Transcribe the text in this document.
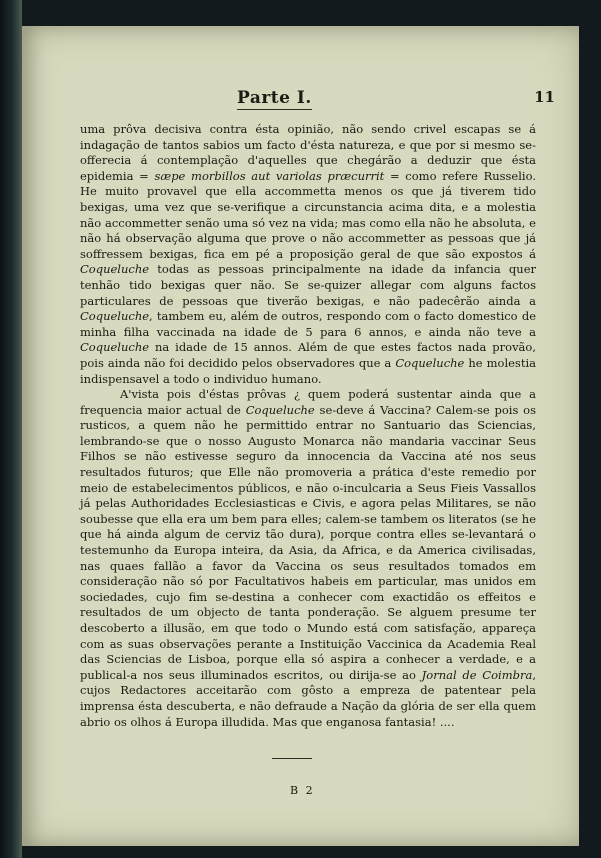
Parte I.	11

uma prôva decisiva contra ésta opinião, não sendo crivel escapas se á indagação de tantos sabios um facto d'ésta natureza, e que por si mesmo se-offerecia á contemplação d'aquelles que chegárão a deduzir que ésta epidemia = sæpe morbillos aut variolas præcurrit = como refere Russelio. He muito provavel que ella accommetta menos os que já tiverem tido bexigas, uma vez que se-verifique a circunstancia acima dita, e a molestia não accommetter senão uma só vez na vida; mas como ella não he absoluta, e não há observação alguma que prove o não accommetter as pessoas que já soffressem bexigas, fica em pé a proposição geral de que são expostos á Coqueluche todas as pessoas principalmente na idade da infancia quer tenhão tido bexigas quer não. Se se-quizer allegar com alguns factos particulares de pessoas que tiverão bexigas, e não padecêrão ainda a Coqueluche, tambem eu, além de outros, respondo com o facto domestico de minha filha vaccinada na idade de 5 para 6 annos, e ainda não teve a Coqueluche na idade de 15 annos. Além de que estes factos nada provão, pois ainda não foi decidido pelos observadores que a Coqueluche he molestia indispensavel a todo o individuo humano.

A'vista pois d'éstas prôvas ¿ quem poderá sustentar ainda que a frequencia maior actual de Coqueluche se-deve á Vaccina? Calem-se pois os rusticos, a quem não he permittido entrar no Santuario das Sciencias, lembrando-se que o nosso Augusto Monarca não mandaria vaccinar Seus Filhos se não estivesse seguro da innocencia da Vaccina até nos seus resultados futuros; que Elle não promoveria a prática d'este remedio por meio de estabelecimentos públicos, e não o-inculcaria a Seus Fieis Vassallos já pelas Authoridades Ecclesiasticas e Civis, e agora pelas Militares, se não soubesse que ella era um bem para elles; calem-se tambem os literatos (se he que há ainda algum de cerviz tão dura), porque contra elles se-levantará o testemunho da Europa inteira, da Asia, da Africa, e da America civilisadas, nas quaes fallão a favor da Vaccina os seus resultados tomados em consideração não só por Facultativos habeis em particular, mas unidos em sociedades, cujo fim se-destina a conhecer com exactidão os effeitos e resultados de um objecto de tanta ponderação. Se alguem presume ter descoberto a illusão, em que todo o Mundo está com satisfação, appareça com as suas observações perante a Instituição Vaccinica da Academia Real das Sciencias de Lisboa, porque ella só aspira a conhecer a verdade, e a publical-a nos seus illuminados escritos, ou dirija-se ao Jornal de Coimbra, cujos Redactores acceitarão com gôsto a empreza de patentear pela imprensa ésta descuberta, e não defraude a Nação da glória de ser ella quem abrio os olhos á Europa illudida. Mas que enganosa fantasia! ....

B 2
